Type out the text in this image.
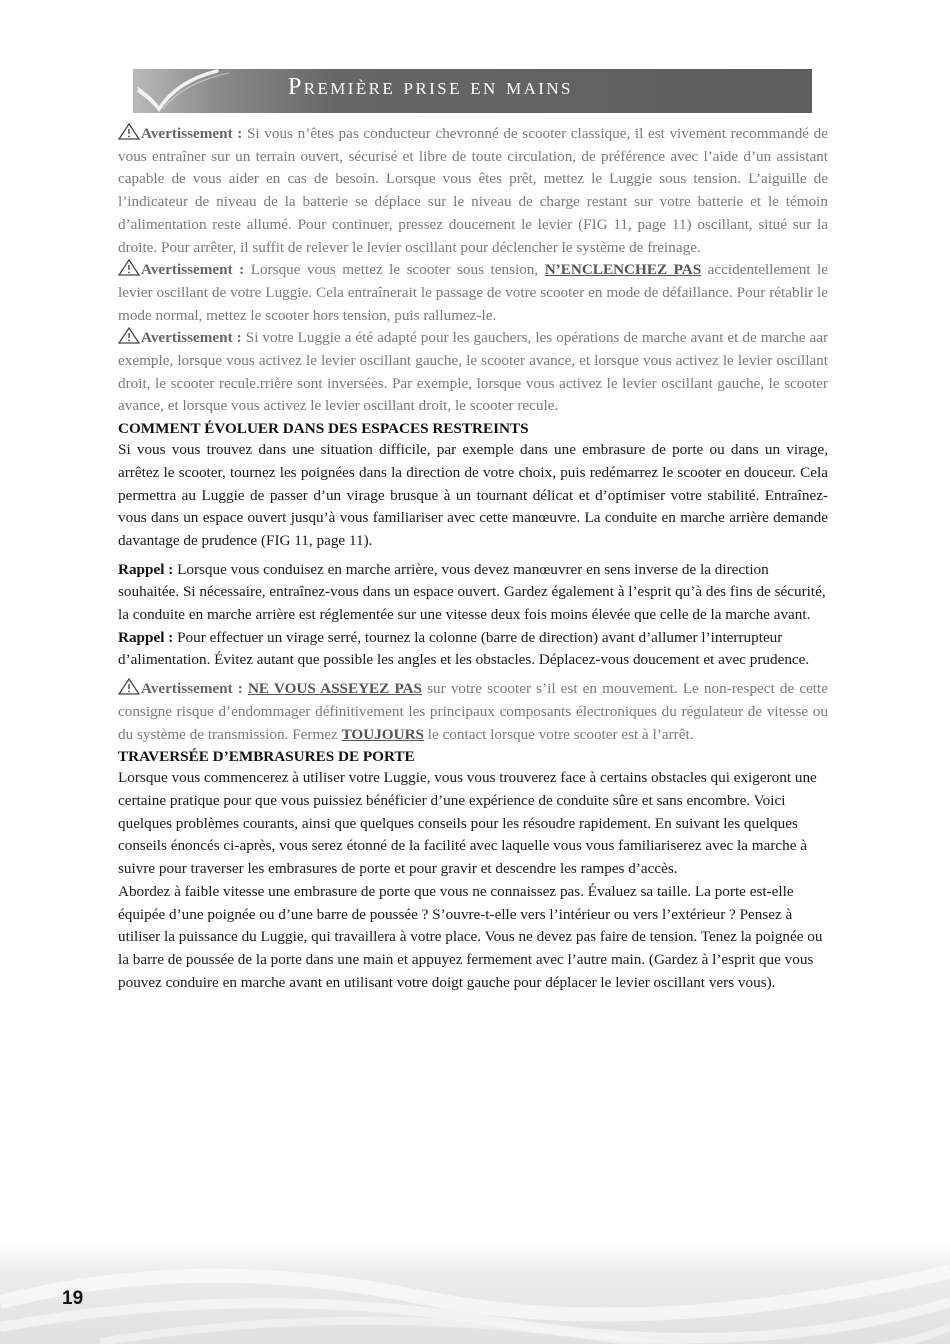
Première prise en mains

Avertissement : Si vous n’êtes pas conducteur chevronné de scooter classique, il est vivement recommandé de vous entraîner sur un terrain ouvert, sécurisé et libre de toute circulation, de préférence avec l’aide d’un assistant capable de vous aider en cas de besoin. Lorsque vous êtes prêt, mettez le Luggie sous tension. L’aiguille de l’indicateur de niveau de la batterie se déplace sur le niveau de charge restant sur votre batterie et le témoin d’alimentation reste allumé. Pour continuer, pressez doucement le levier (FIG 11, page 11) oscillant, situé sur la droite. Pour arrêter, il suffit de relever le levier oscillant pour déclencher le système de freinage.

Avertissement : Lorsque vous mettez le scooter sous tension, N’ENCLENCHEZ PAS accidentellement le levier oscillant de votre Luggie. Cela entraînerait le passage de votre scooter en mode de défaillance. Pour rétablir le mode normal, mettez le scooter hors tension, puis rallumez-le.

Avertissement : Si votre Luggie a été adapté pour les gauchers, les opérations de marche avant et de marche aar exemple, lorsque vous activez le levier oscillant gauche, le scooter avance, et lorsque vous activez le levier oscillant droit, le scooter recule.rrière sont inversées. Par exemple, lorsque vous activez le levier oscillant gauche, le scooter avance, et lorsque vous activez le levier oscillant droit, le scooter recule.

COMMENT ÉVOLUER DANS DES ESPACES RESTREINTS

Si vous vous trouvez dans une situation difficile, par exemple dans une embrasure de porte ou dans un virage, arrêtez le scooter, tournez les poignées dans la direction de votre choix, puis redémarrez le scooter en douceur. Cela permettra au Luggie de passer d’un virage brusque à un tournant délicat et d’optimiser votre stabilité. Entraînez-vous dans un espace ouvert jusqu’à vous familiariser avec cette manœuvre. La conduite en marche arrière demande davantage de prudence (FIG 11, page 11).

Rappel : Lorsque vous conduisez en marche arrière, vous devez manœuvrer en sens inverse de la direction souhaitée. Si nécessaire, entraînez-vous dans un espace ouvert. Gardez également à l’esprit qu’à des fins de sécurité, la conduite en marche arrière est réglementée sur une vitesse deux fois moins élevée que celle de la marche avant.

Rappel : Pour effectuer un virage serré, tournez la colonne (barre de direction) avant d’allumer l’interrupteur d’alimentation. Évitez autant que possible les angles et les obstacles. Déplacez-vous doucement et avec prudence.

Avertissement : NE VOUS ASSEYEZ PAS sur votre scooter s’il est en mouvement. Le non-respect de cette consigne risque d’endommager définitivement les principaux composants électroniques du régulateur de vitesse ou du système de transmission. Fermez TOUJOURS le contact lorsque votre scooter est à l’arrêt.

TRAVERSÉE D’EMBRASURES DE PORTE

Lorsque vous commencerez à utiliser votre Luggie, vous vous trouverez face à certains obstacles qui exigeront une certaine pratique pour que vous puissiez bénéficier d’une expérience de conduite sûre et sans encombre. Voici quelques problèmes courants, ainsi que quelques conseils pour les résoudre rapidement. En suivant les quelques conseils énoncés ci-après, vous serez étonné de la facilité avec laquelle vous vous familiariserez avec la marche à suivre pour traverser les embrasures de porte et pour gravir et descendre les rampes d’accès.

Abordez à faible vitesse une embrasure de porte que vous ne connaissez pas. Évaluez sa taille. La porte est-elle équipée d’une poignée ou d’une barre de poussée ? S’ouvre-t-elle vers l’intérieur ou vers l’extérieur ? Pensez à utiliser la puissance du Luggie, qui travaillera à votre place. Vous ne devez pas faire de tension. Tenez la poignée ou la barre de poussée de la porte dans une main et appuyez fermement avec l’autre main. (Gardez à l’esprit que vous pouvez conduire en marche avant en utilisant votre doigt gauche pour déplacer le levier oscillant vers vous).

19
